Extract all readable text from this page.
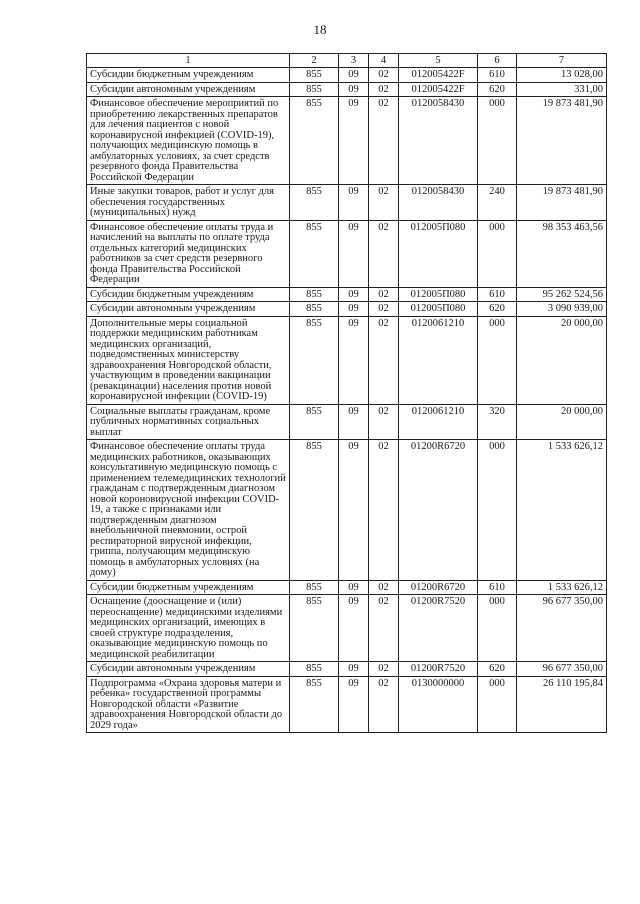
18
1	2	3	4	5	6	7
Субсидии бюджетным учреждениям	855	09	02	012005422F	610	13 028,00
Субсидии автономным учреждениям	855	09	02	012005422F	620	331,00
Финансовое обеспечение мероприятий по приобретению лекарственных препаратов для лечения пациентов с новой коронавирусной инфекцией (COVID-19), получающих медицинскую помощь в амбулаторных условиях, за счет средств резервного фонда Правительства Российской Федерации	855	09	02	0120058430	000	19 873 481,90
Иные закупки товаров, работ и услуг для обеспечения государственных (муниципальных) нужд	855	09	02	0120058430	240	19 873 481,90
Финансовое обеспечение оплаты труда и начислений на выплаты по оплате труда отдельных категорий медицинских работников за счет средств резервного фонда Правительства Российской Федерации	855	09	02	012005П080	000	98 353 463,56
Субсидии бюджетным учреждениям	855	09	02	012005П080	610	95 262 524,56
Субсидии автономным учреждениям	855	09	02	012005П080	620	3 090 939,00
Дополнительные меры социальной поддержки медицинским работникам медицинских организаций, подведомственных министерству здравоохранения Новгородской области, участвующим в проведении вакцинации (ревакцинации) населения против новой коронавирусной инфекции (COVID-19)	855	09	02	0120061210	000	20 000,00
Социальные выплаты гражданам, кроме публичных нормативных социальных выплат	855	09	02	0120061210	320	20 000,00
Финансовое обеспечение оплаты труда медицинских работников, оказывающих консультативную медицинскую помощь с применением телемедицинских технологий гражданам с подтвержденным диагнозом новой короновирусной инфекции COVID-19, а также с признаками или подтвержденным диагнозом внебольничной пневмонии, острой респираторной вирусной инфекции, гриппа, получающим медицинскую помощь в амбулаторных условиях (на дому)	855	09	02	01200R6720	000	1 533 626,12
Субсидии бюджетным учреждениям	855	09	02	01200R6720	610	1 533 626,12
Оснащение (дооснащение и (или) переоснащение) медицинскими изделиями медицинских организаций, имеющих в своей структуре подразделения, оказывающие медицинскую помощь по медицинской реабилитации	855	09	02	01200R7520	000	96 677 350,00
Субсидии автономным учреждениям	855	09	02	01200R7520	620	96 677 350,00
Подпрограмма «Охрана здоровья матери и ребенка» государственной программы Новгородской области «Развитие здравоохранения Новгородской области до 2029 года»	855	09	02	0130000000	000	26 110 195,84
